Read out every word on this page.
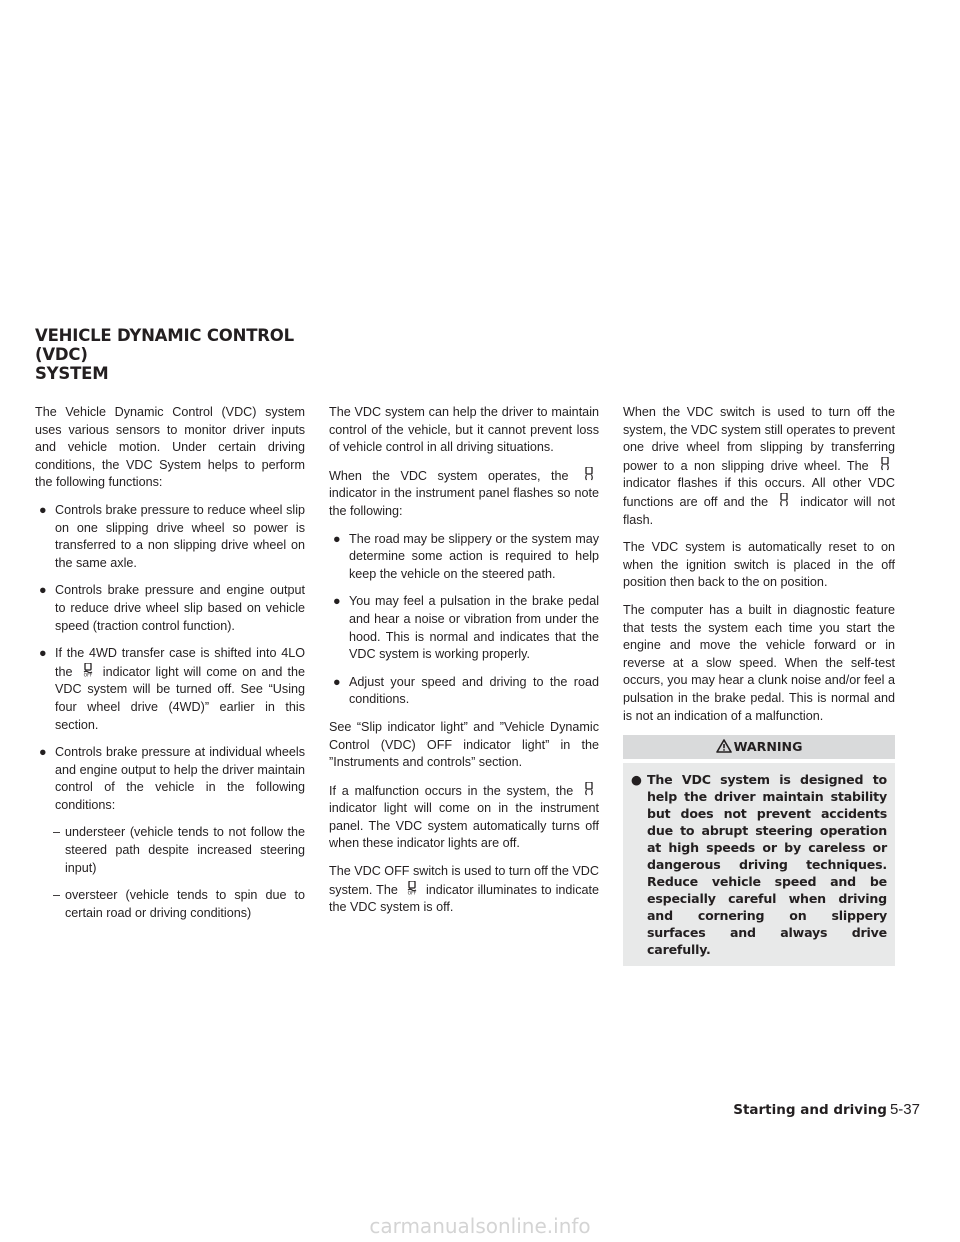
VEHICLE DYNAMIC CONTROL (VDC)
SYSTEM

The Vehicle Dynamic Control (VDC) system uses various sensors to monitor driver inputs and vehicle motion. Under certain driving conditions, the VDC System helps to perform the following functions:

● Controls brake pressure to reduce wheel slip on one slipping drive wheel so power is transferred to a non slipping drive wheel on the same axle.
● Controls brake pressure and engine output to reduce drive wheel slip based on vehicle speed (traction control function).
● If the 4WD transfer case is shifted into 4LO the OFF indicator light will come on and the VDC system will be turned off. See “Using four wheel drive (4WD)” earlier in this section.
● Controls brake pressure at individual wheels and engine output to help the driver maintain control of the vehicle in the following conditions:
– understeer (vehicle tends to not follow the steered path despite increased steering input)
– oversteer (vehicle tends to spin due to certain road or driving conditions)

The VDC system can help the driver to maintain control of the vehicle, but it cannot prevent loss of vehicle control in all driving situations.

When the VDC system operates, the
indicator in the instrument panel flashes so note the following:

● The road may be slippery or the system may determine some action is required to help keep the vehicle on the steered path.
● You may feel a pulsation in the brake pedal and hear a noise or vibration from under the hood. This is normal and indicates that the VDC system is working properly.
● Adjust your speed and driving to the road conditions.

See “Slip indicator light” and ”Vehicle Dynamic Control (VDC) OFF indicator light” in the ”Instruments and controls” section.

If a malfunction occurs in the system, the
indicator light will come on in the instrument panel. The VDC system automatically turns off when these indicator lights are off.

The VDC OFF switch is used to turn off the VDC system. The OFF indicator illuminates to indicate the VDC system is off.

When the VDC switch is used to turn off the system, the VDC system still operates to prevent one drive wheel from slipping by transferring power to a non slipping drive wheel. The
indicator flashes if this occurs. All other VDC functions are off and the	indicator will not flash.

The VDC system is automatically reset to on when the ignition switch is placed in the off position then back to the on position.

The computer has a built in diagnostic feature that tests the system each time you start the engine and move the vehicle forward or in reverse at a slow speed. When the self-test occurs, you may hear a clunk noise and/or feel a pulsation in the brake pedal. This is normal and is not an indication of a malfunction.

WARNING
● The VDC system is designed to help the driver maintain stability but does not prevent accidents due to abrupt steering operation at high speeds or by careless or dangerous driving techniques. Reduce vehicle speed and be especially careful when driving and cornering on slippery surfaces and always drive carefully.
Starting and driving 5-37
carmanualsonline.info
